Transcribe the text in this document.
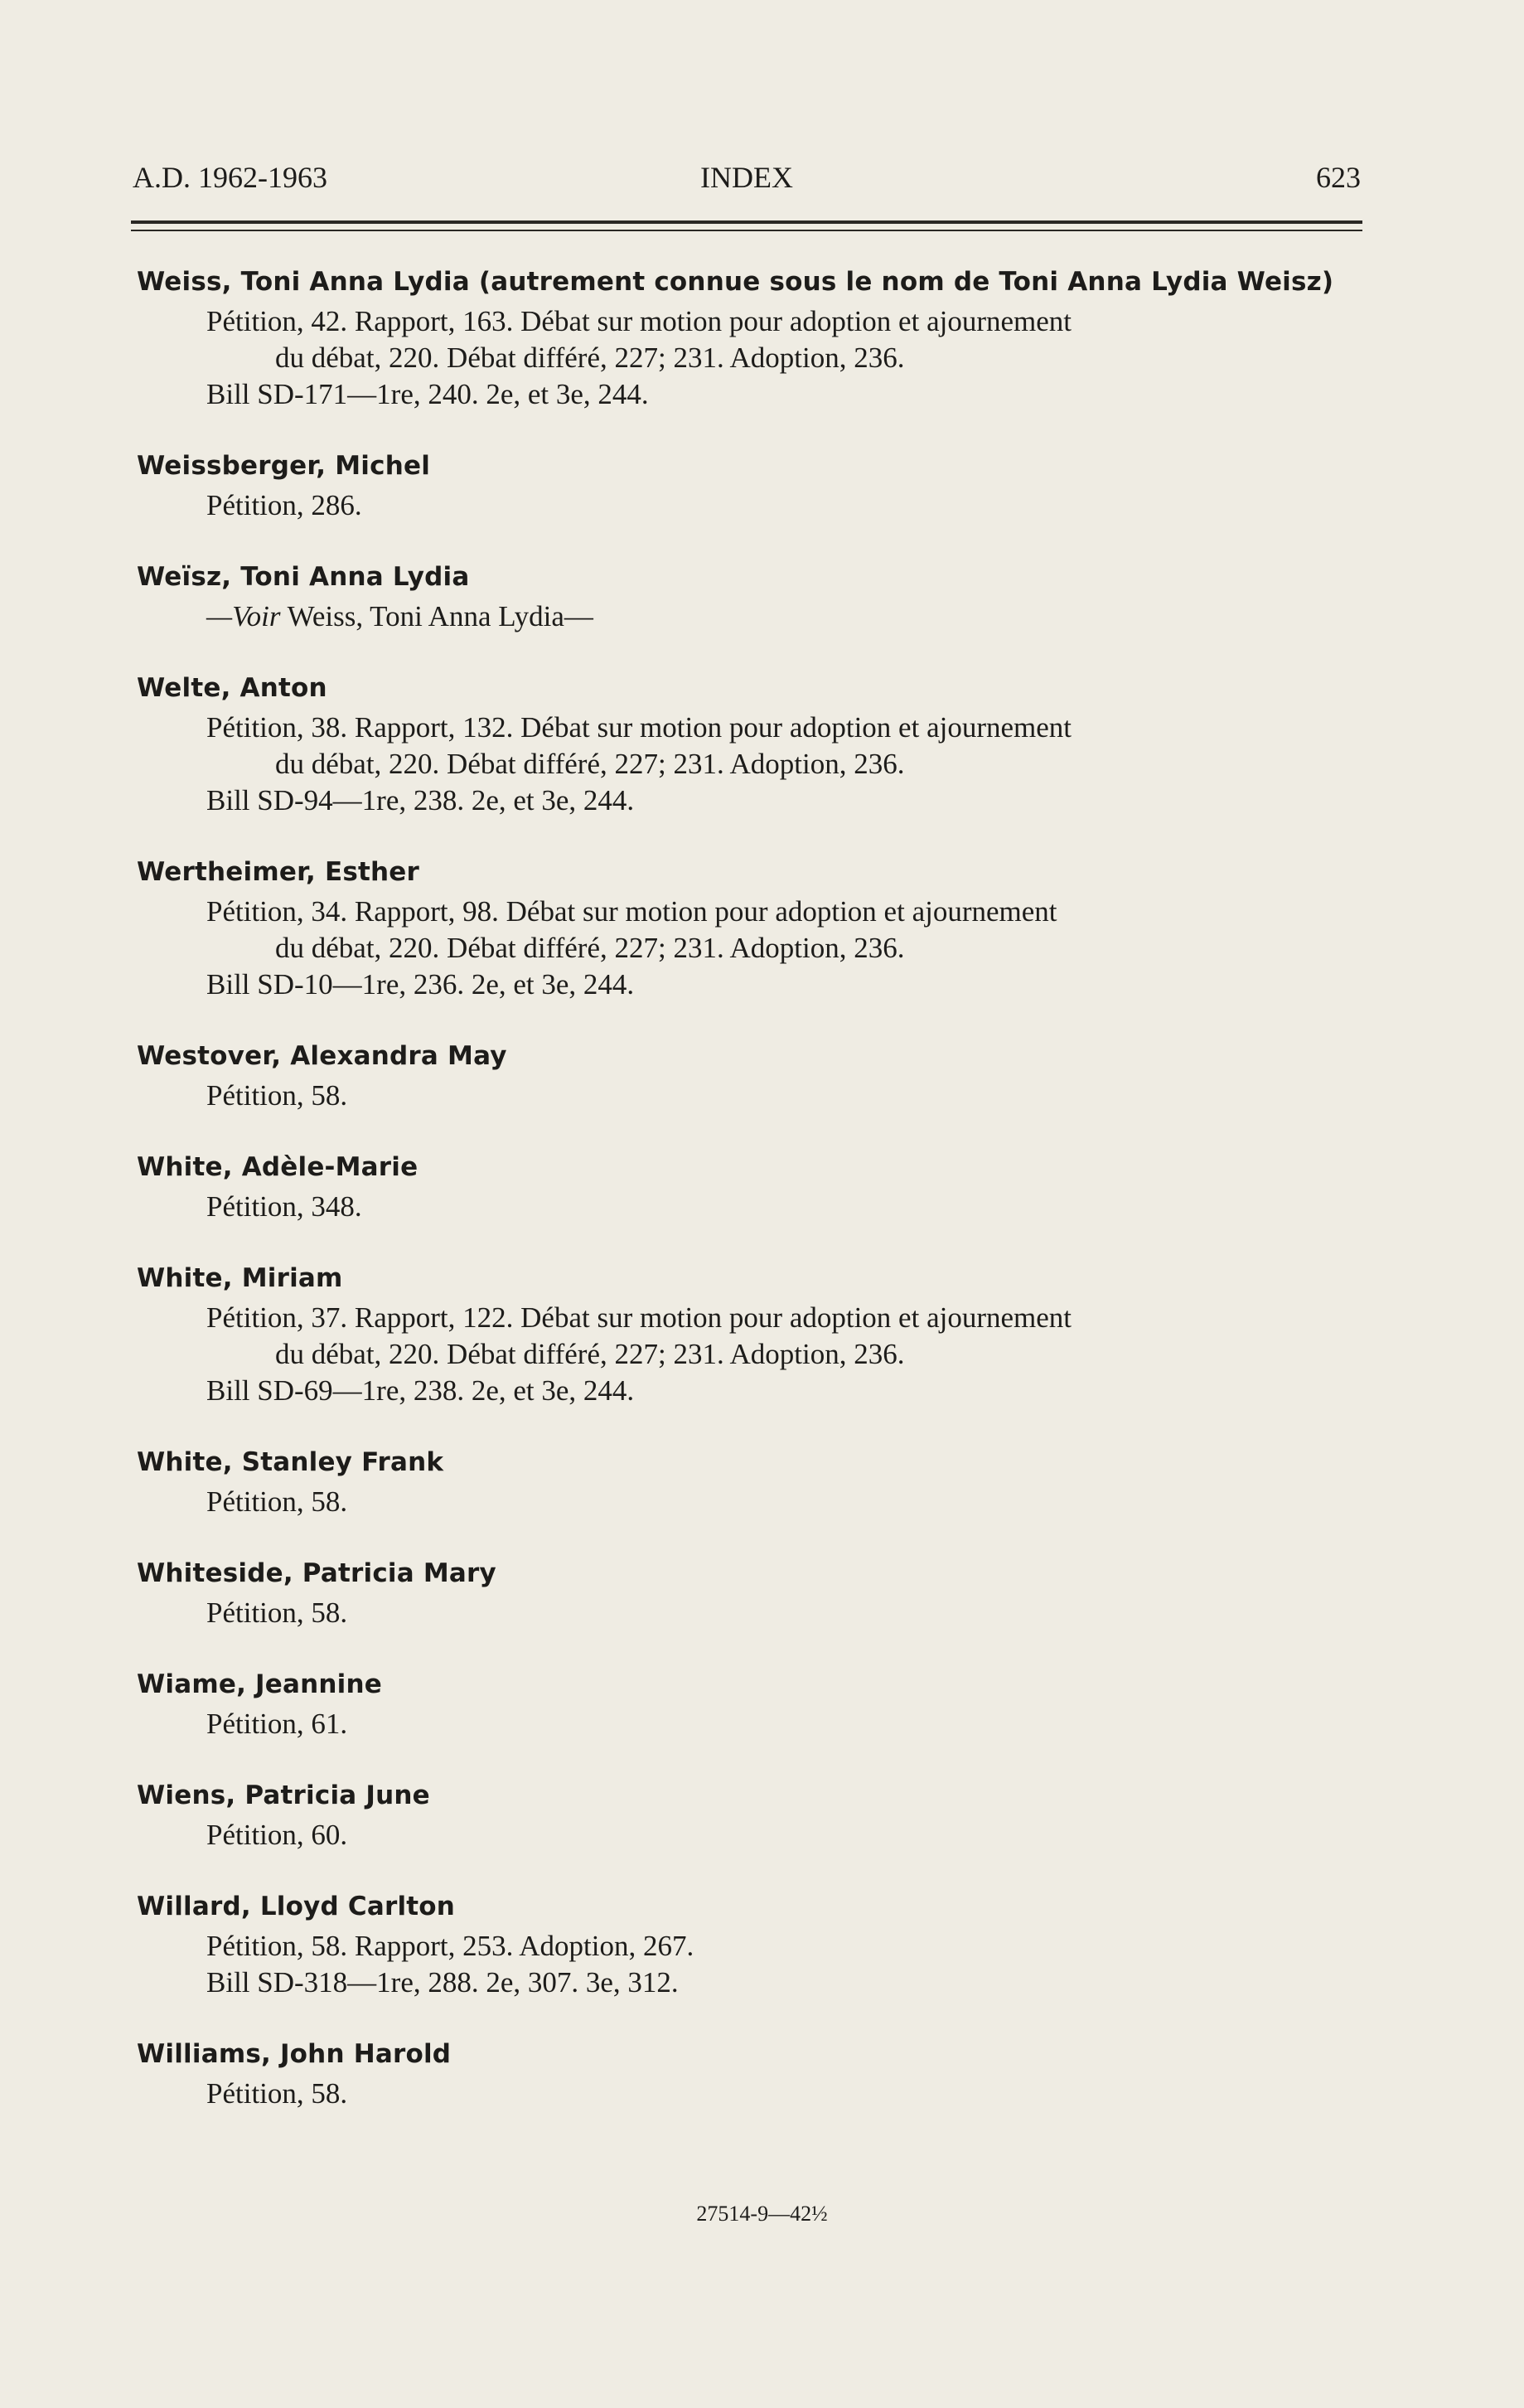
A.D. 1962-1963	INDEX	623
Weiss, Toni Anna Lydia (autrement connue sous le nom de Toni Anna Lydia Weisz)
Pétition, 42. Rapport, 163. Débat sur motion pour adoption et ajournement
du débat, 220. Débat différé, 227; 231. Adoption, 236.
Bill SD-171—1re, 240. 2e, et 3e, 244.
Weissberger, Michel
Pétition, 286.
Weïsz, Toni Anna Lydia
—Voir Weiss, Toni Anna Lydia—
Welte, Anton
Pétition, 38. Rapport, 132. Débat sur motion pour adoption et ajournement
du débat, 220. Débat différé, 227; 231. Adoption, 236.
Bill SD-94—1re, 238. 2e, et 3e, 244.
Wertheimer, Esther
Pétition, 34. Rapport, 98. Débat sur motion pour adoption et ajournement
du débat, 220. Débat différé, 227; 231. Adoption, 236.
Bill SD-10—1re, 236. 2e, et 3e, 244.
Westover, Alexandra May
Pétition, 58.
White, Adèle-Marie
Pétition, 348.
White, Miriam
Pétition, 37. Rapport, 122. Débat sur motion pour adoption et ajournement
du débat, 220. Débat différé, 227; 231. Adoption, 236.
Bill SD-69—1re, 238. 2e, et 3e, 244.
White, Stanley Frank
Pétition, 58.
Whiteside, Patricia Mary
Pétition, 58.
Wiame, Jeannine
Pétition, 61.
Wiens, Patricia June
Pétition, 60.
Willard, Lloyd Carlton
Pétition, 58. Rapport, 253. Adoption, 267.
Bill SD-318—1re, 288. 2e, 307. 3e, 312.
Williams, John Harold
Pétition, 58.
27514-9—42½
